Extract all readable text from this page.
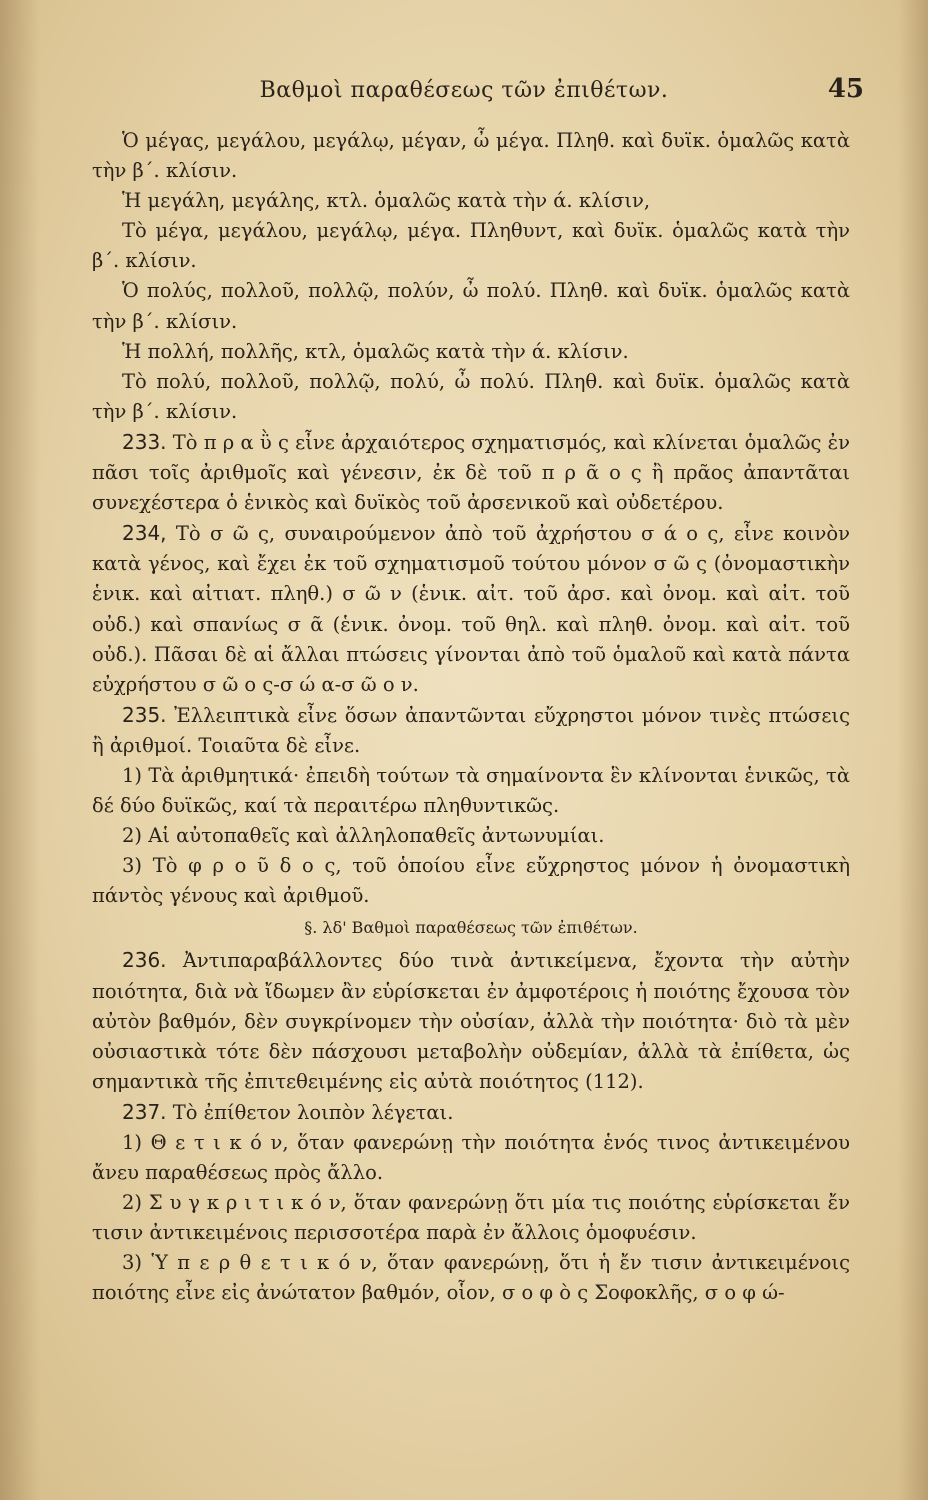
Βαθμοὶ παραθέσεως τῶν ἐπιθέτων.	45

Ὁ μέγας, μεγάλου, μεγάλῳ, μέγαν, ὦ μέγα. Πληθ. καὶ δυϊκ. ὁμαλῶς κατὰ τὴν β΄. κλίσιν.

Ἡ μεγάλη, μεγάλης, κτλ. ὁμαλῶς κατὰ τὴν ά. κλίσιν,

Τὸ μέγα, μεγάλου, μεγάλῳ, μέγα. Πληθυντ, καὶ δυϊκ. ὁμαλῶς κατὰ τὴν β΄. κλίσιν.

Ὁ πολύς, πολλοῦ, πολλῷ, πολύν, ὦ πολύ. Πληθ. καὶ δυϊκ. ὁμαλῶς κατὰ τὴν β΄. κλίσιν.

Ἡ πολλή, πολλῆς, κτλ, ὁμαλῶς κατὰ τὴν ά. κλίσιν.

Τὸ πολύ, πολλοῦ, πολλῷ, πολύ, ὦ πολύ. Πληθ. καὶ δυϊκ. ὁμαλῶς κατὰ τὴν β΄. κλίσιν.

233. Τὸ π ρ α ῢ ς εἶνε ἀρχαιότερος σχηματισμός, καὶ κλίνεται ὁμαλῶς ἐν πᾶσι τοῖς ἀριθμοῖς καὶ γένεσιν, ἐκ δὲ τοῦ π ρ ᾶ ο ς ἢ πρᾶος ἀπαντᾶται συνεχέστερα ὁ ἑνικὸς καὶ δυϊκὸς τοῦ ἀρσενικοῦ καὶ οὐδετέρου.

234, Τὸ σ ῶ ς, συναιρούμενον ἀπὸ τοῦ ἀχρήστου σ ά ο ς, εἶνε κοινὸν κατὰ γένος, καὶ ἔχει ἐκ τοῦ σχηματισμοῦ τούτου μόνον σ ῶ ς (ὀνομαστικὴν ἑνικ. καὶ αἰτιατ. πληθ.) σ ῶ ν (ἑνικ. αἰτ. τοῦ ἀρσ. καὶ ὀνομ. καὶ αἰτ. τοῦ οὐδ.) καὶ σπανίως σ ᾶ (ἑνικ. ὀνομ. τοῦ θηλ. καὶ πληθ. ὀνομ. καὶ αἰτ. τοῦ οὐδ.). Πᾶσαι δὲ αἱ ἄλλαι πτώσεις γίνονται ἀπὸ τοῦ ὁμαλοῦ καὶ κατὰ πάντα εὐχρήστου σ ῶ ο ς-σ ώ α-σ ῶ ο ν.

235. Ἐλλειπτικὰ εἶνε ὅσων ἀπαντῶνται εὔχρηστοι μόνον τινὲς πτώσεις ἢ ἀριθμοί. Τοιαῦτα δὲ εἶνε.

1) Τὰ ἀριθμητικά· ἐπειδὴ τούτων τὰ σημαίνοντα ἓν κλίνονται ἑνικῶς, τὰ δέ δύο δυϊκῶς, καί τὰ περαιτέρω πληθυντικῶς.

2) Αἱ αὐτοπαθεῖς καὶ ἀλληλοπαθεῖς ἀντωνυμίαι.

3) Τὸ φ ρ ο ῦ δ ο ς, τοῦ ὁποίου εἶνε εὔχρηστος μόνον ἡ ὀνομαστικὴ πάντὸς γένους καὶ ἀριθμοῦ.

§. λδ' Βαθμοὶ παραθέσεως τῶν ἐπιθέτων.

236. Ἀντιπαραβάλλοντες δύο τινὰ ἀντικείμενα, ἔχοντα τὴν αὐτὴν ποιότητα, διὰ νὰ ἴδωμεν ἂν εὑρίσκεται ἐν ἀμφοτέροις ἡ ποιότης ἔχουσα τὸν αὐτὸν βαθμόν, δὲν συγκρίνομεν τὴν οὐσίαν, ἀλλὰ τὴν ποιότητα· διὸ τὰ μὲν οὐσιαστικὰ τότε δὲν πάσχουσι μεταβολὴν οὐδεμίαν, ἀλλὰ τὰ ἐπίθετα, ὡς σημαντικὰ τῆς ἐπιτεθειμένης εἰς αὐτὰ ποιότητος (112).

237. Τὸ ἐπίθετον λοιπὸν λέγεται.

1) Θ ε τ ι κ ό ν, ὅταν φανερώνῃ τὴν ποιότητα ἑνός τινος ἀντικειμένου ἄνευ παραθέσεως πρὸς ἄλλο.

2) Σ υ γ κ ρ ι τ ι κ ό ν, ὅταν φανερώνῃ ὅτι μία τις ποιότης εὑρίσκεται ἔν τισιν ἀντικειμένοις περισσοτέρα παρὰ ἐν ἄλλοις ὁμοφυέσιν.

3) Ὑ π ε ρ θ ε τ ι κ ό ν, ὅταν φανερώνῃ, ὅτι ἡ ἔν τισιν ἀντικειμένοις ποιότης εἶνε εἰς ἀνώτατον βαθμόν, οἷον, σ ο φ ὸ ς Σοφοκλῆς, σ ο φ ώ-
